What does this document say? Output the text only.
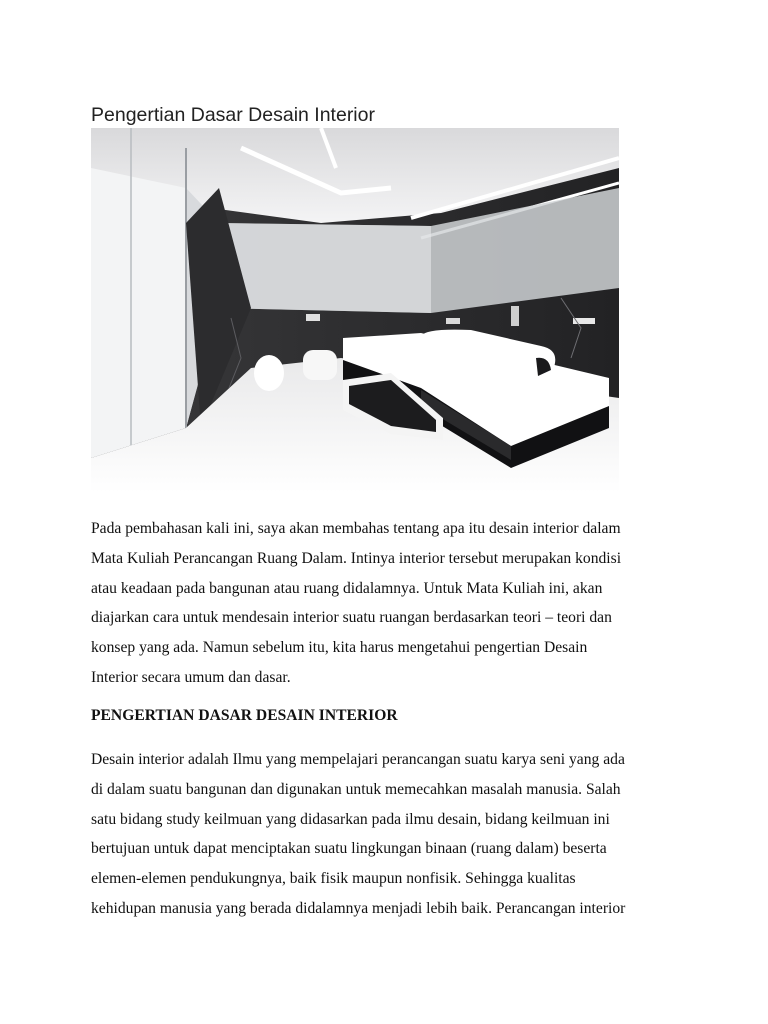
Pengertian Dasar Desain Interior

Pada pembahasan kali ini, saya akan membahas tentang apa itu desain interior dalam
Mata Kuliah Perancangan Ruang Dalam. Intinya interior tersebut merupakan kondisi
atau keadaan pada bangunan atau ruang didalamnya. Untuk Mata Kuliah ini, akan
diajarkan cara untuk mendesain interior suatu ruangan berdasarkan teori – teori dan
konsep yang ada. Namun sebelum itu, kita harus mengetahui pengertian Desain
Interior secara umum dan dasar.

PENGERTIAN DASAR DESAIN INTERIOR

Desain interior adalah Ilmu yang mempelajari perancangan suatu karya seni yang ada
di dalam suatu bangunan dan digunakan untuk memecahkan masalah manusia. Salah
satu bidang study keilmuan yang didasarkan pada ilmu desain, bidang keilmuan ini
bertujuan untuk dapat menciptakan suatu lingkungan binaan (ruang dalam) beserta
elemen-elemen pendukungnya, baik fisik maupun nonfisik. Sehingga kualitas
kehidupan manusia yang berada didalamnya menjadi lebih baik. Perancangan interior
